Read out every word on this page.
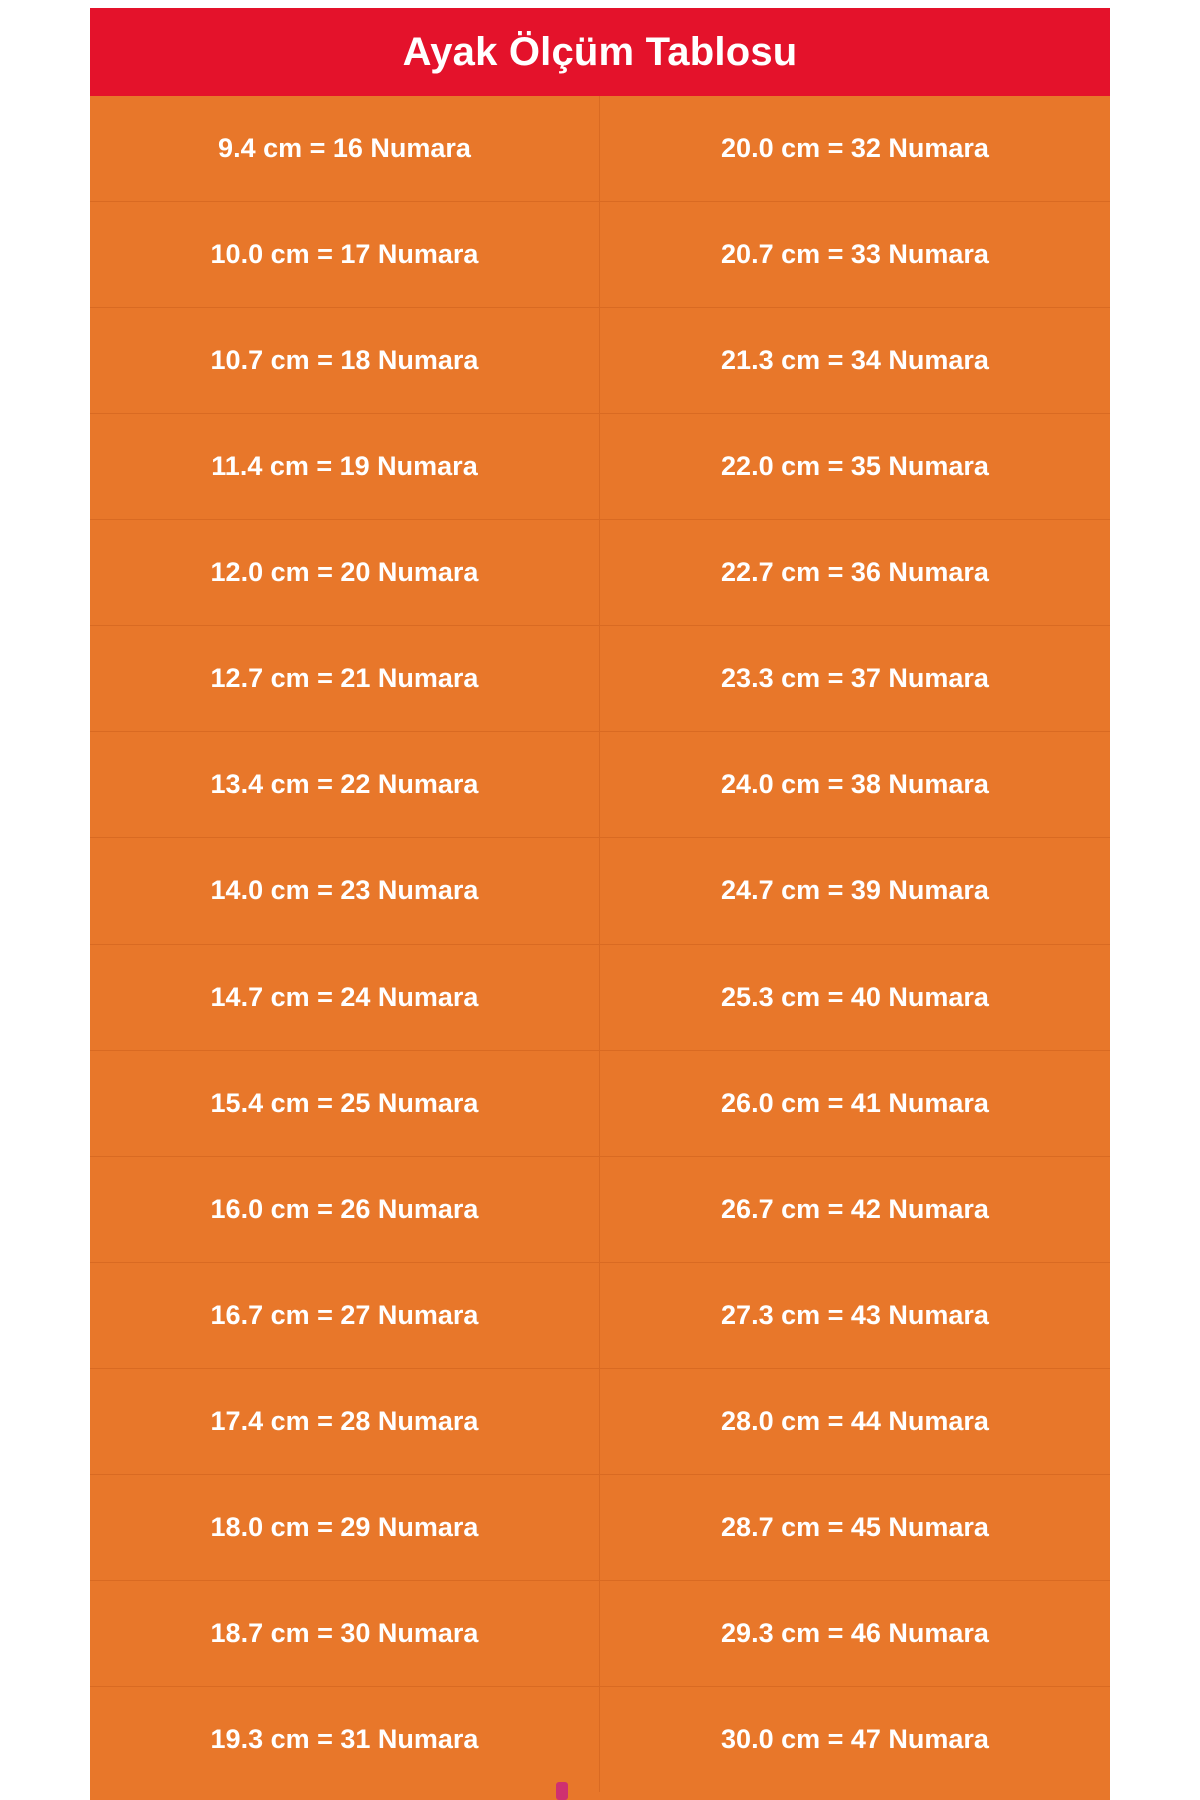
Ayak Ölçüm Tablosu
9.4 cm = 16 Numara	20.0 cm = 32 Numara
10.0 cm = 17 Numara	20.7 cm = 33 Numara
10.7 cm = 18 Numara	21.3 cm = 34 Numara
11.4 cm = 19 Numara	22.0 cm = 35 Numara
12.0 cm = 20 Numara	22.7 cm = 36 Numara
12.7 cm = 21 Numara	23.3 cm = 37 Numara
13.4 cm = 22 Numara	24.0 cm = 38 Numara
14.0 cm = 23 Numara	24.7 cm = 39 Numara
14.7 cm = 24 Numara	25.3 cm = 40 Numara
15.4 cm = 25 Numara	26.0 cm = 41 Numara
16.0 cm = 26 Numara	26.7 cm = 42 Numara
16.7 cm = 27 Numara	27.3 cm = 43 Numara
17.4 cm = 28 Numara	28.0 cm = 44 Numara
18.0 cm = 29 Numara	28.7 cm = 45 Numara
18.7 cm = 30 Numara	29.3 cm = 46 Numara
19.3 cm = 31 Numara	30.0 cm = 47 Numara
